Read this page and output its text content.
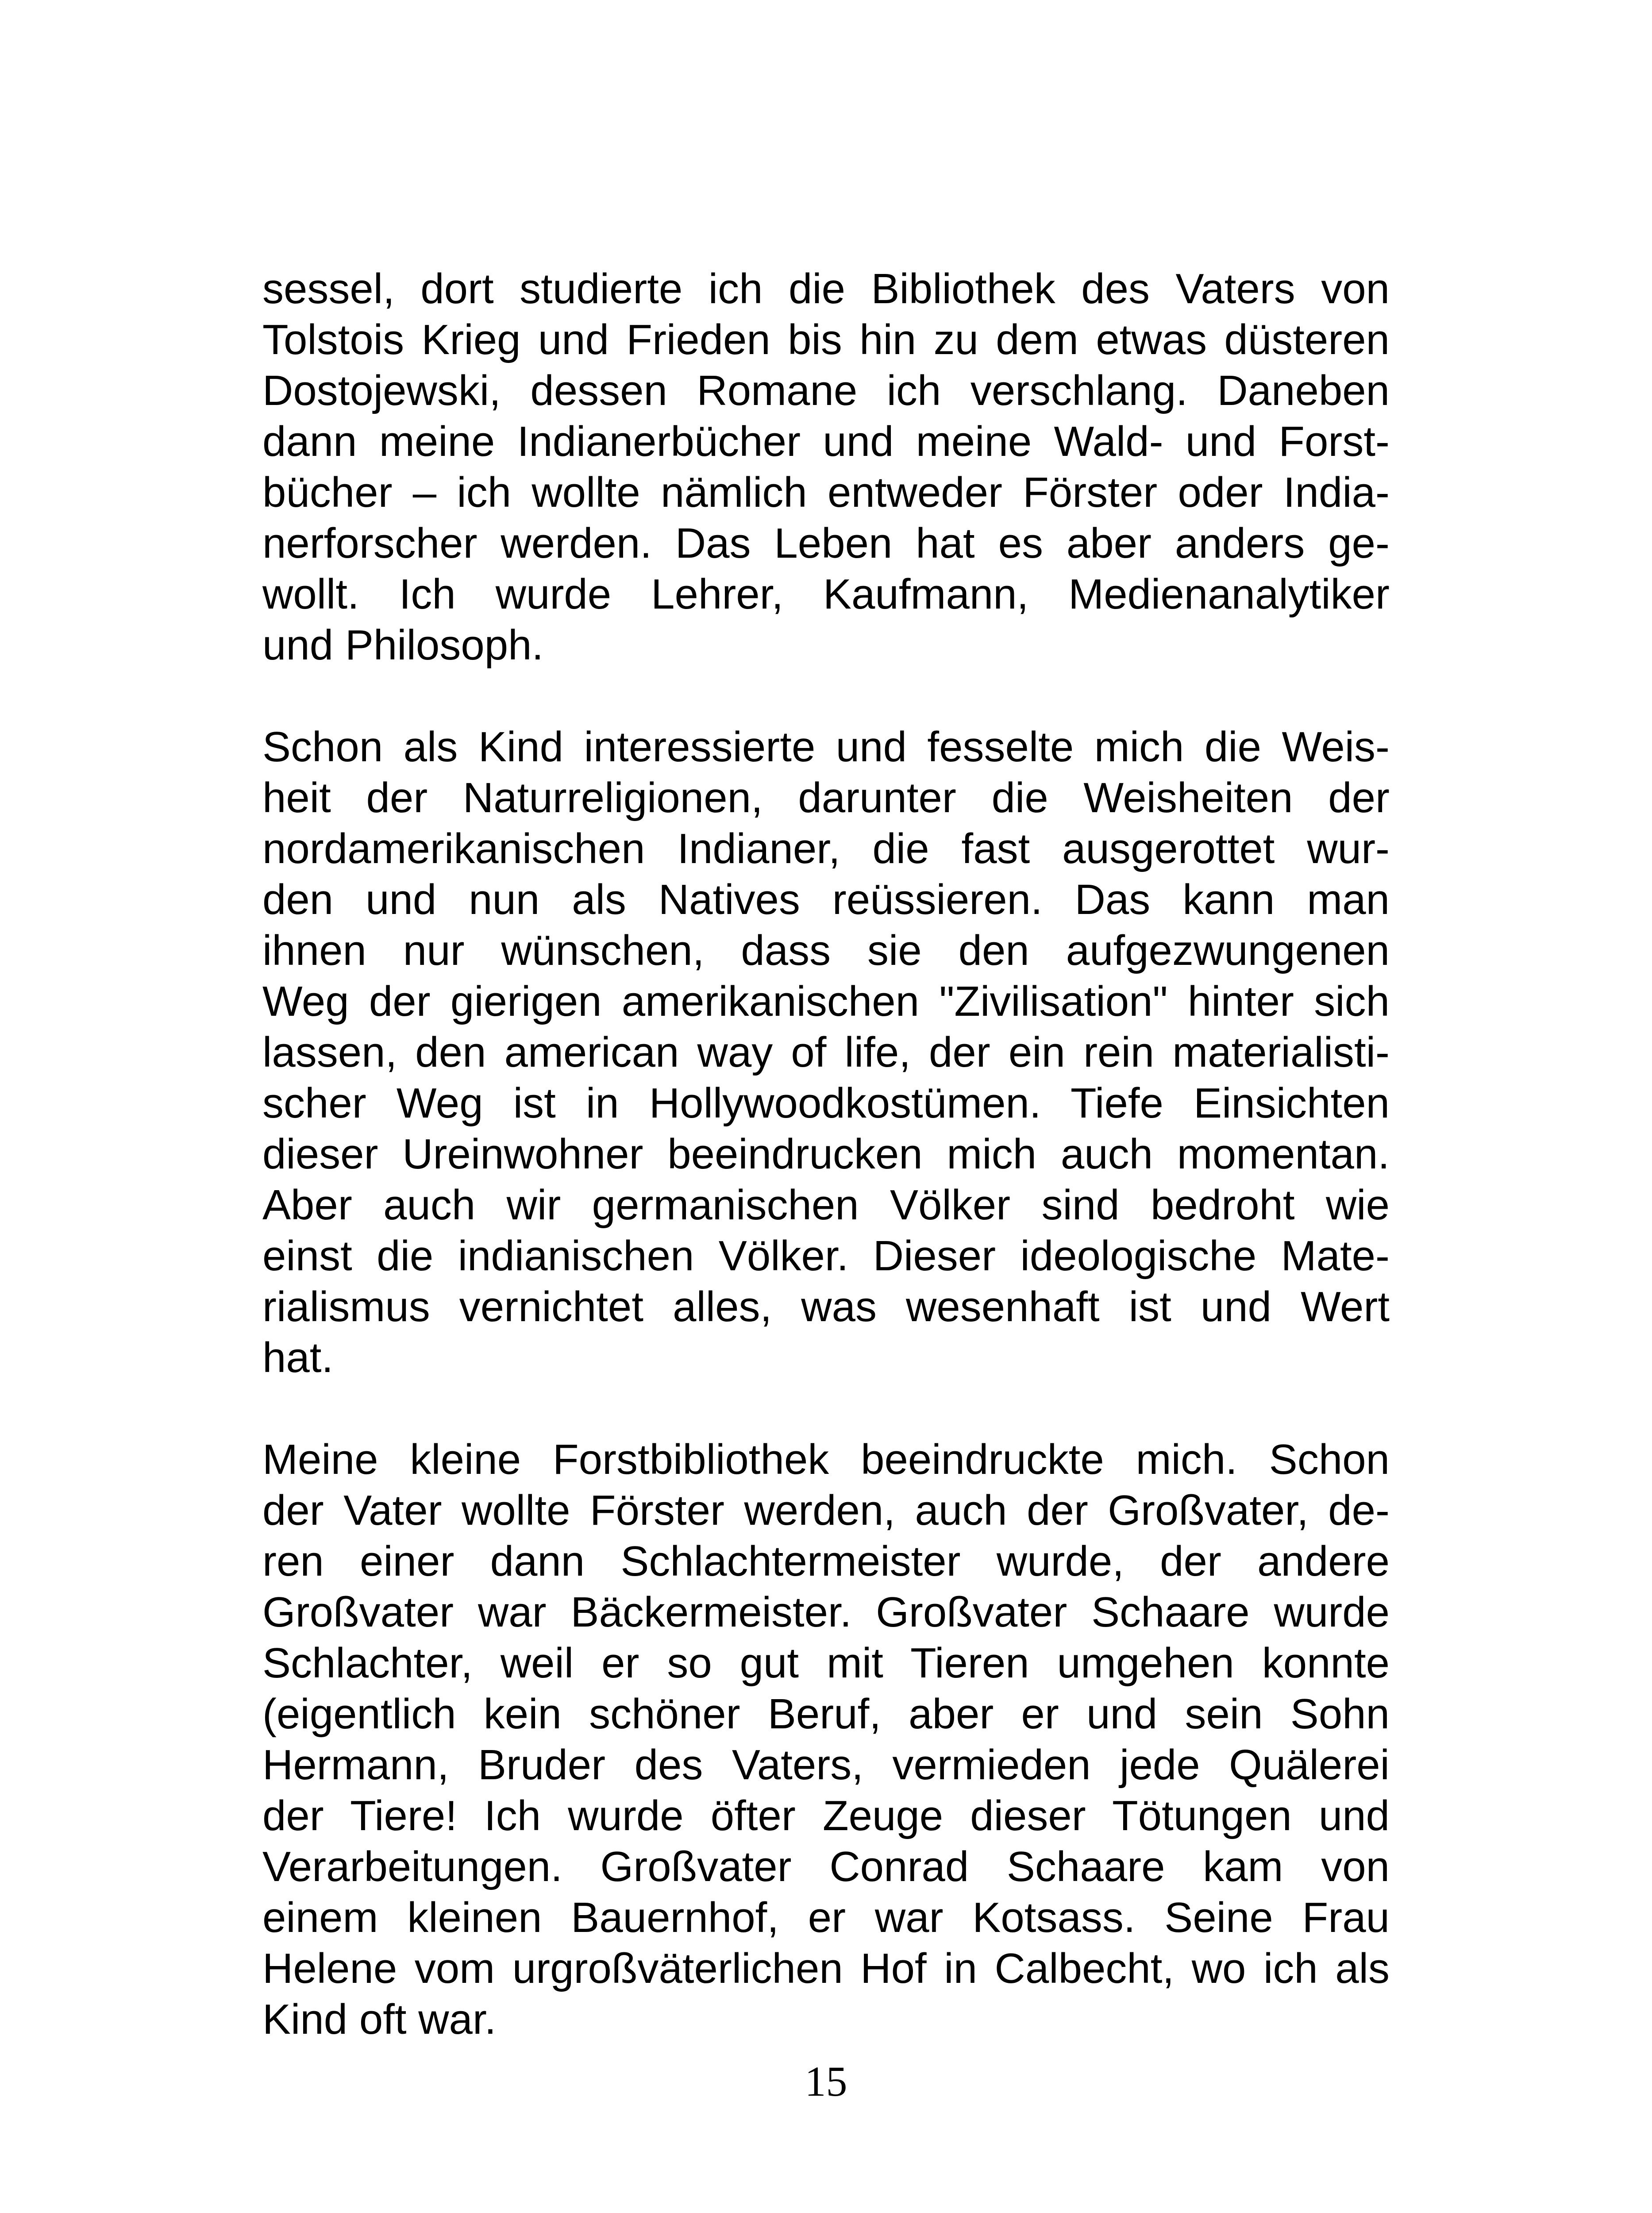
sessel, dort studierte ich die Bibliothek des Vaters von
Tolstois Krieg und Frieden bis hin zu dem etwas düsteren
Dostojewski, dessen Romane ich verschlang. Daneben
dann meine Indianerbücher und meine Wald- und Forst-
bücher – ich wollte nämlich entweder Förster oder India-
nerforscher werden. Das Leben hat es aber anders ge-
wollt. Ich wurde Lehrer, Kaufmann, Medienanalytiker
und Philosoph.
Schon als Kind interessierte und fesselte mich die Weis-
heit der Naturreligionen, darunter die Weisheiten der
nordamerikanischen Indianer, die fast ausgerottet wur-
den und nun als Natives reüssieren. Das kann man
ihnen nur wünschen, dass sie den aufgezwungenen
Weg der gierigen amerikanischen "Zivilisation" hinter sich
lassen, den american way of life, der ein rein materialisti-
scher Weg ist in Hollywoodkostümen. Tiefe Einsichten
dieser Ureinwohner beeindrucken mich auch momentan.
Aber auch wir germanischen Völker sind bedroht wie
einst die indianischen Völker. Dieser ideologische Mate-
rialismus vernichtet alles, was wesenhaft ist und Wert
hat.
Meine kleine Forstbibliothek beeindruckte mich. Schon
der Vater wollte Förster werden, auch der Großvater, de-
ren einer dann Schlachtermeister wurde, der andere
Großvater war Bäckermeister. Großvater Schaare wurde
Schlachter, weil er so gut mit Tieren umgehen konnte
(eigentlich kein schöner Beruf, aber er und sein Sohn
Hermann, Bruder des Vaters, vermieden jede Quälerei
der Tiere! Ich wurde öfter Zeuge dieser Tötungen und
Verarbeitungen. Großvater Conrad Schaare kam von
einem kleinen Bauernhof, er war Kotsass. Seine Frau
Helene vom urgroßväterlichen Hof in Calbecht, wo ich als
Kind oft war.
15
